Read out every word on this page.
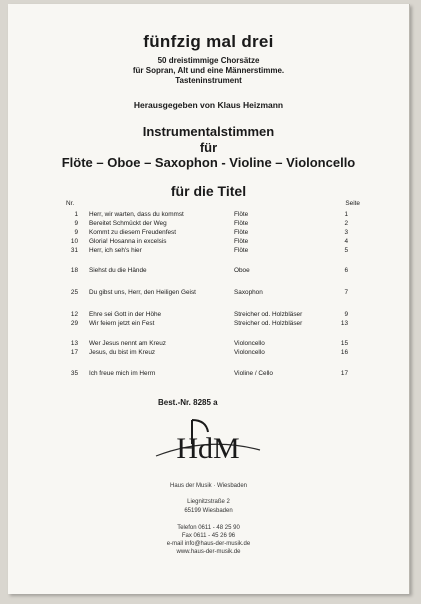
fünfzig mal drei
50 dreistimmige Chorsätze
für Sopran, Alt und eine Männerstimme.
Tasteninstrument
Herausgegeben von Klaus Heizmann
Instrumentalstimmen
für
Flöte – Oboe – Saxophon - Violine – Violoncello
für die Titel
Nr.	Seite
1 Herr, wir warten, dass du kommst	Flöte	1
9 Bereitet Schmückt der Weg	Flöte	2
9 Kommt zu diesem Freudenfest	Flöte	3
10 Gloria! Hosanna in excelsis	Flöte	4
31 Herr, ich seh's hier	Flöte	5
18 Siehst du die Hände	Oboe	6
25 Du gibst uns, Herr, den Heiligen Geist	Saxophon	7
12 Ehre sei Gott in der Höhe	Streicher od. Holzbläser	9
29 Wir feiern jetzt ein Fest	Streicher od. Holzbläser	13
13 Wer Jesus nennt am Kreuz	Violoncello	15
17 Jesus, du bist im Kreuz	Violoncello	16
35 Ich freue mich im Herrn	Violine / Cello	17
Best.-Nr. 8285 a
HdM
Haus der Musik · Wiesbaden
Liegnitzstraße 2
65199 Wiesbaden
Telefon 0611 - 48 25 90
Fax 0611 - 45 26 96
e-mail info@haus-der-musik.de
www.haus-der-musik.de
